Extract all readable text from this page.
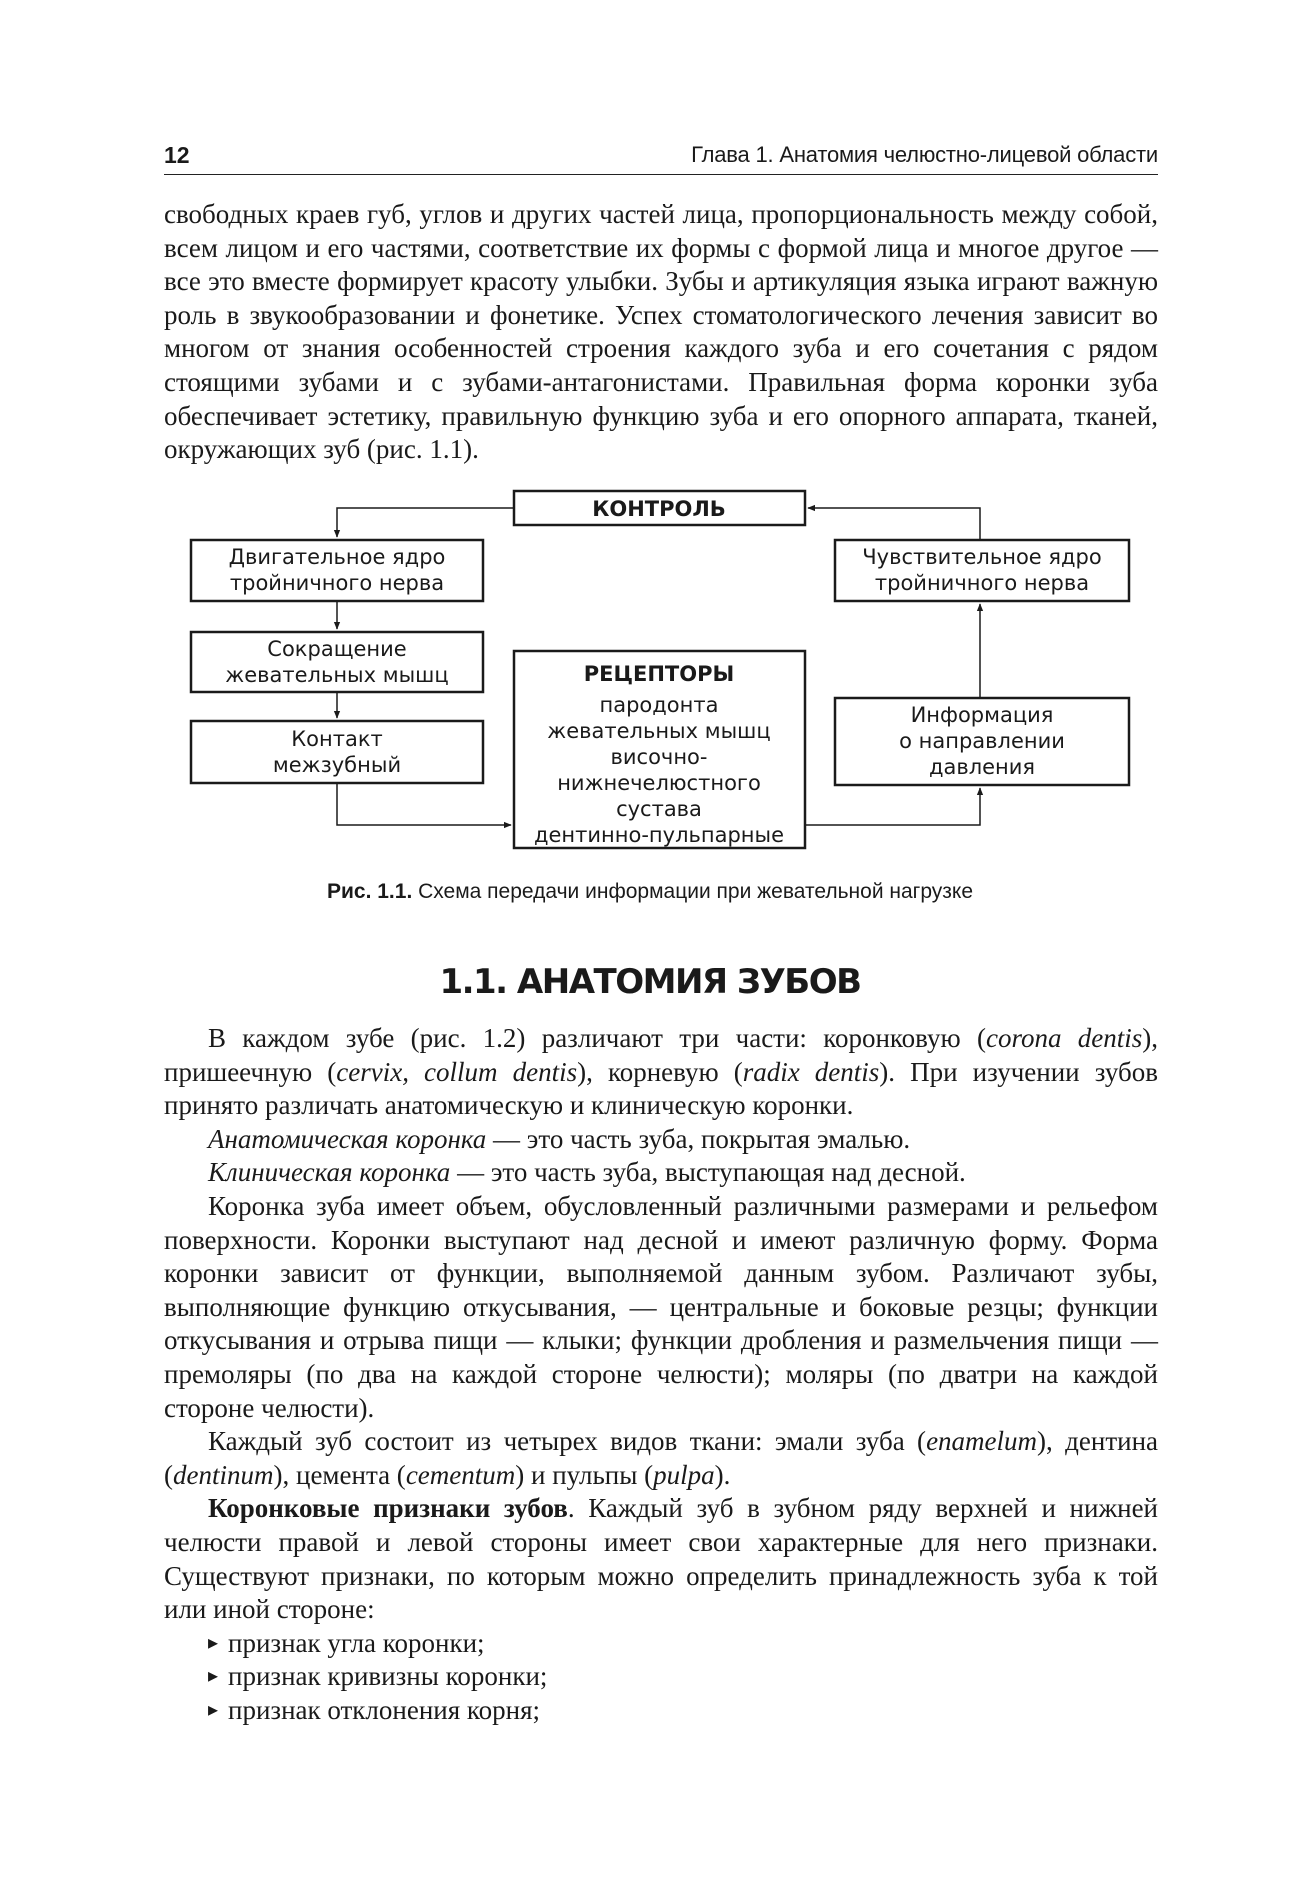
12	Глава 1. Анатомия челюстно-лицевой области

свободных краев губ, углов и других частей лица, пропорциональность между собой, всем лицом и его частями, соответствие их формы с формой лица и многое другое — все это вместе формирует красоту улыбки. Зубы и артикуляция языка играют важную роль в звукообразовании и фонетике. Успех стоматологического лечения зависит во многом от знания особенностей строения каждого зуба и его сочетания с рядом стоящими зубами и с зубами-антагонистами. Правильная форма коронки зуба обеспечивает эстетику, правильную функцию зуба и его опорного аппарата, тканей, окружающих зуб (рис. 1.1).

КОНТРОЛЬ
Двигательное ядро
тройничного нерва
Сокращение
жевательных мышц
Контакт
межзубный
РЕЦЕПТОРЫ
пародонта
жевательных мышц
височно-
нижнечелюстного
сустава
дентинно-пульпарные
Чувствительное ядро
тройничного нерва
Информация
о направлении
давления
Рис. 1.1. Схема передачи информации при жевательной нагрузке
1.1. АНАТОМИЯ ЗУБОВ

В каждом зубе (рис. 1.2) различают три части: коронковую (corona dentis), пришеечную (cervix, collum dentis), корневую (radix dentis). При изучении зубов принято различать анатомическую и клиническую коронки.

Анатомическая коронка — это часть зуба, покрытая эмалью.

Клиническая коронка — это часть зуба, выступающая над десной.

Коронка зуба имеет объем, обусловленный различными размерами и рельефом поверхности. Коронки выступают над десной и имеют различную форму. Форма коронки зависит от функции, выполняемой данным зубом. Различают зубы, выполняющие функцию откусывания, — центральные и боковые резцы; функции откусывания и отрыва пищи — клыки; функции дробления и размельчения пищи — премоляры (по два на каждой стороне челюсти); моляры (по дватри на каждой стороне челюсти).

Каждый зуб состоит из четырех видов ткани: эмали зуба (enamelum), дентина (dentinum), цемента (cementum) и пульпы (pulpa).

Коронковые признаки зубов. Каждый зуб в зубном ряду верхней и нижней челюсти правой и левой стороны имеет свои характерные для него признаки. Существуют признаки, по которым можно определить принадлежность зуба к той или иной стороне:

▸ признак угла коронки;
▸ признак кривизны коронки;
▸ признак отклонения корня;
